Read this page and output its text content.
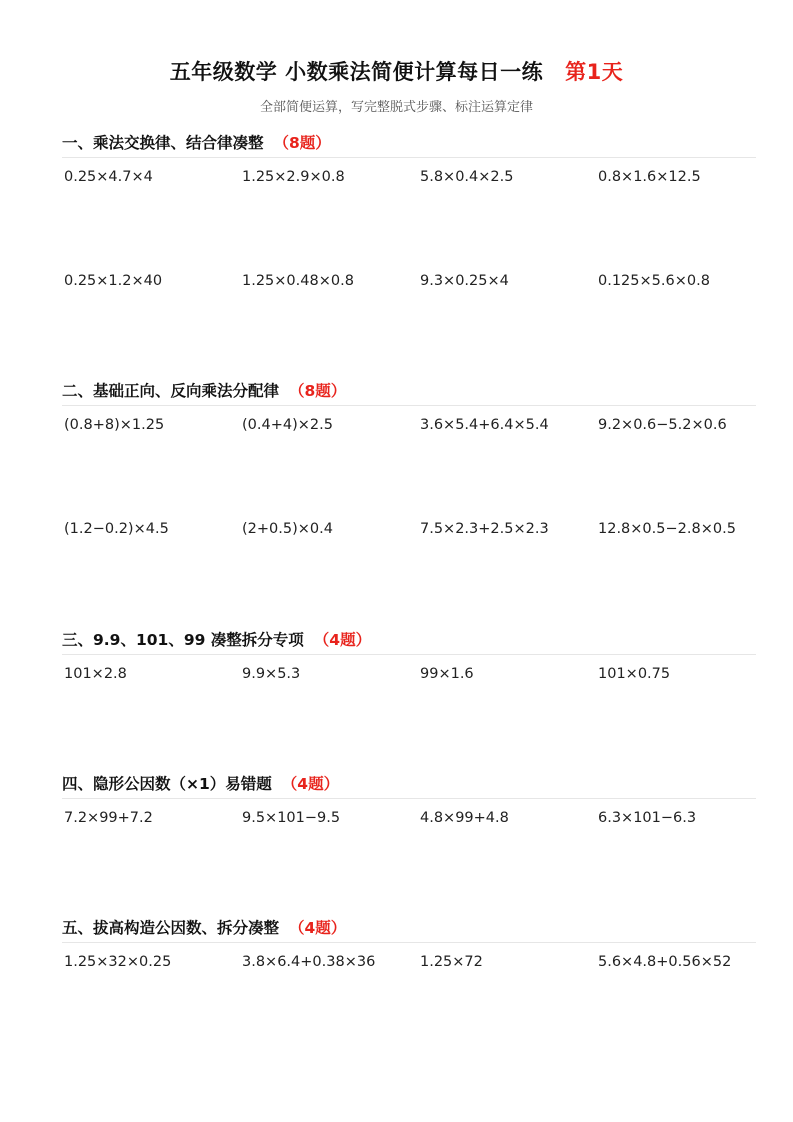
五年级数学 小数乘法简便计算每日一练 第1天
全部简便运算，写完整脱式步骤、标注运算定律
一、乘法交换律、结合律凑整 （8题）
0.25×4.7×4	1.25×2.9×0.8	5.8×0.4×2.5	0.8×1.6×12.5
0.25×1.2×40	1.25×0.48×0.8	9.3×0.25×4	0.125×5.6×0.8
二、基础正向、反向乘法分配律 （8题）
(0.8+8)×1.25	(0.4+4)×2.5	3.6×5.4+6.4×5.4	9.2×0.6−5.2×0.6
(1.2−0.2)×4.5	(2+0.5)×0.4	7.5×2.3+2.5×2.3	12.8×0.5−2.8×0.5
三、9.9、101、99 凑整拆分专项 （4题）
101×2.8	9.9×5.3	99×1.6	101×0.75
四、隐形公因数（×1）易错题 （4题）
7.2×99+7.2	9.5×101−9.5	4.8×99+4.8	6.3×101−6.3
五、拔高构造公因数、拆分凑整 （4题）
1.25×32×0.25	3.8×6.4+0.38×36	1.25×72	5.6×4.8+0.56×52
